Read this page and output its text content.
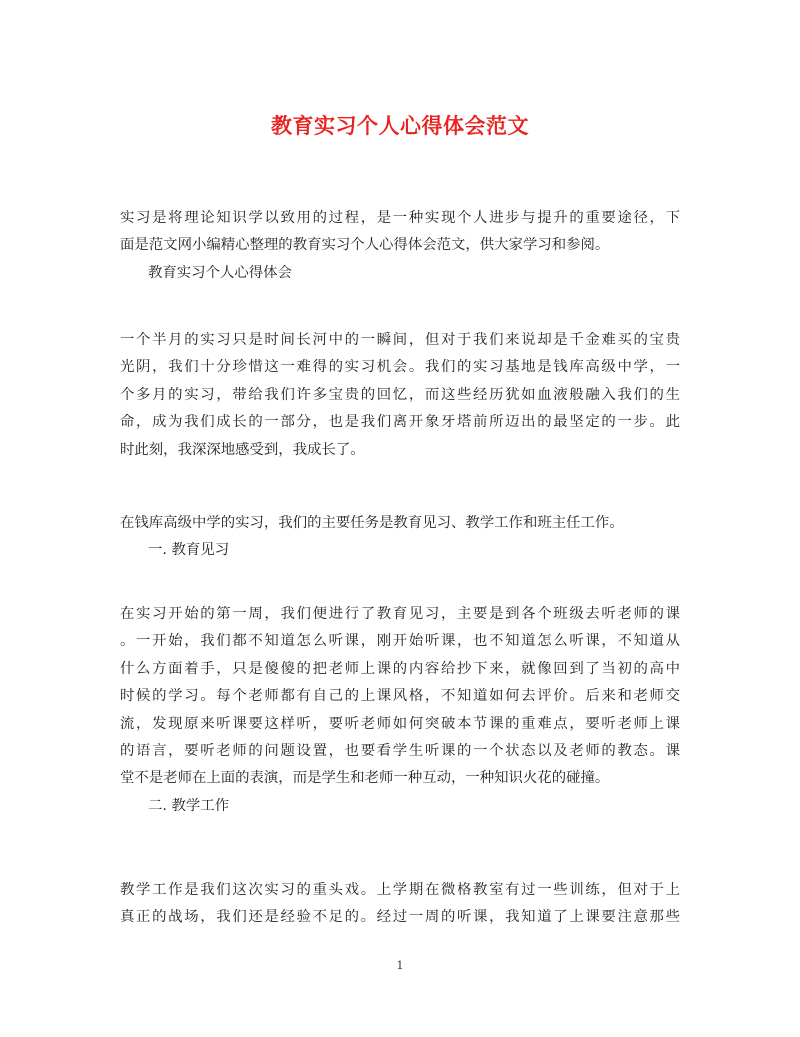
教育实习个人心得体会范文
实习是将理论知识学以致用的过程，是一种实现个人进步与提升的重要途径，下
面是范文网小编精心整理的教育实习个人心得体会范文，供大家学习和参阅。
教育实习个人心得体会
一个半月的实习只是时间长河中的一瞬间，但对于我们来说却是千金难买的宝贵
光阴，我们十分珍惜这一难得的实习机会。我们的实习基地是钱库高级中学，一
个多月的实习，带给我们许多宝贵的回忆，而这些经历犹如血液般融入我们的生
命，成为我们成长的一部分，也是我们离开象牙塔前所迈出的最坚定的一步。此
时此刻，我深深地感受到，我成长了。
在钱库高级中学的实习，我们的主要任务是教育见习、教学工作和班主任工作。
一. 教育见习
在实习开始的第一周，我们便进行了教育见习，主要是到各个班级去听老师的课
。一开始，我们都不知道怎么听课，刚开始听课，也不知道怎么听课，不知道从
什么方面着手，只是傻傻的把老师上课的内容给抄下来，就像回到了当初的高中
时候的学习。每个老师都有自己的上课风格，不知道如何去评价。后来和老师交
流，发现原来听课要这样听，要听老师如何突破本节课的重难点，要听老师上课
的语言，要听老师的问题设置，也要看学生听课的一个状态以及老师的教态。课
堂不是老师在上面的表演，而是学生和老师一种互动，一种知识火花的碰撞。
二. 教学工作
教学工作是我们这次实习的重头戏。上学期在微格教室有过一些训练，但对于上
真正的战场，我们还是经验不足的。经过一周的听课，我知道了上课要注意那些
1
